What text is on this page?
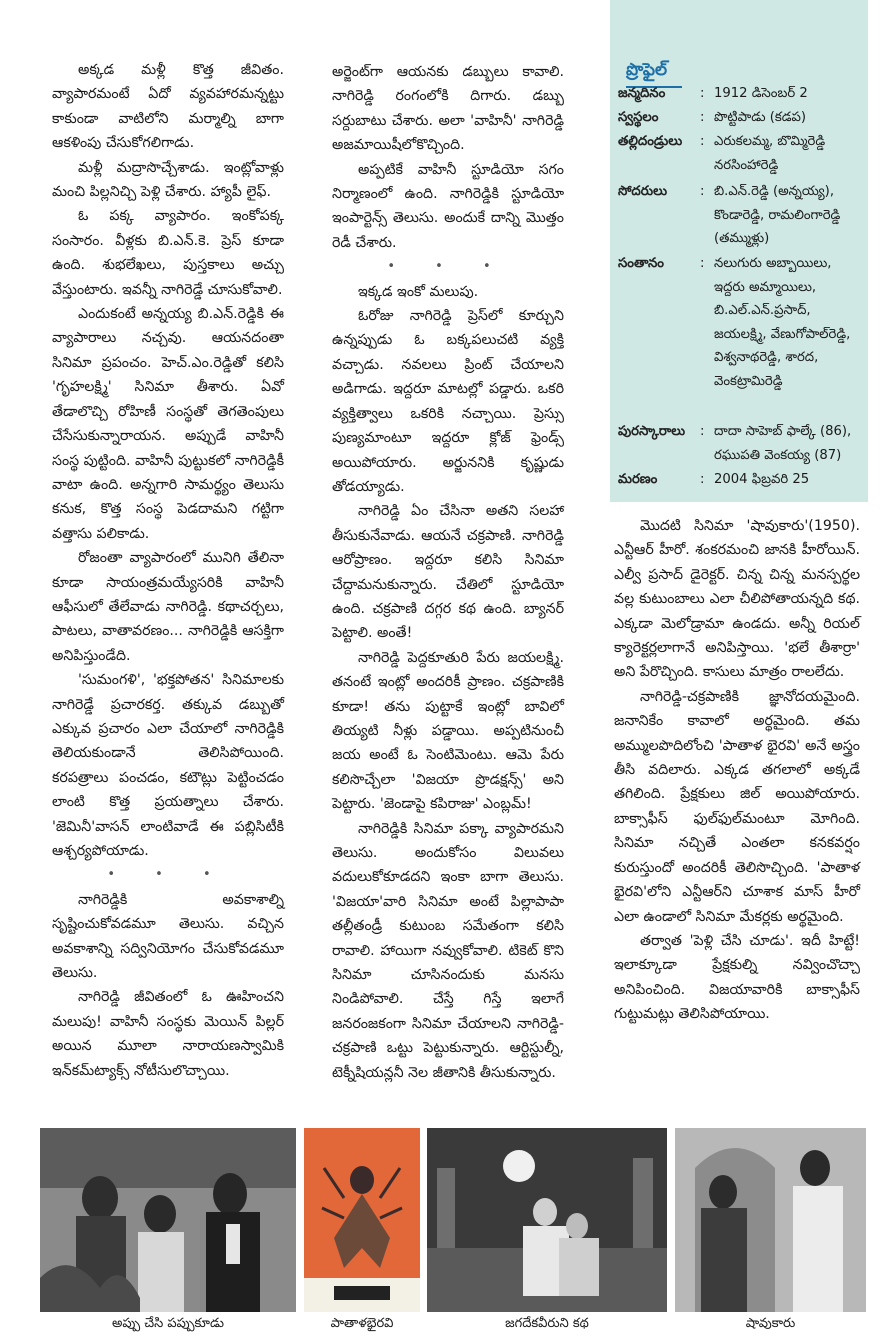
అక్కడ మళ్లీ కొత్త జీవితం. వ్యాపారమంటే ఏదో వ్యవహారమన్నట్టు కాకుండా వాటిలోని మర్మాల్ని బాగా ఆకళింపు చేసుకోగలిగాడు.

మళ్లీ మద్రాసొచ్చేశాడు. ఇంట్లోవాళ్లు మంచి పిల్లనిచ్చి పెళ్లి చేశారు. హ్యాపీ లైఫ్.

ఓ పక్క వ్యాపారం. ఇంకోపక్క సంసారం. వీళ్లకు బి.ఎన్.కె. ప్రెస్ కూడా ఉంది. శుభలేఖలు, పుస్తకాలు అచ్చు వేస్తుంటారు. ఇవన్నీ నాగిరెడ్డే చూసుకోవాలి.

ఎందుకంటే అన్నయ్య బి.ఎన్.రెడ్డికి ఈ వ్యాపారాలు నచ్చవు. ఆయనదంతా సినిమా ప్రపంచం. హెచ్.ఎం.రెడ్డితో కలిసి 'గృహలక్ష్మి' సినిమా తీశారు. ఏవో తేడాలొచ్చి రోహిణీ సంస్థతో తెగతెంపులు చేసేసుకున్నారాయన. అప్పుడే వాహినీ సంస్థ పుట్టింది. వాహినీ పుట్టుకలో నాగిరెడ్డికీ వాటా ఉంది. అన్నగారి సామర్థ్యం తెలుసు కనుక, కొత్త సంస్థ పెడదామని గట్టిగా వత్తాసు పలికాడు.

రోజంతా వ్యాపారంలో మునిగి తేలినా కూడా సాయంత్రమయ్యేసరికి వాహినీ ఆఫీసులో తేలేవాడు నాగిరెడ్డి. కథాచర్చలు, పాటలు, వాతావరణం... నాగిరెడ్డికి ఆసక్తిగా అనిపిస్తుండేది.

'సుమంగళి', 'భక్తపోతన' సినిమాలకు నాగిరెడ్డే ప్రచారకర్త. తక్కువ డబ్బుతో ఎక్కువ ప్రచారం ఎలా చేయాలో నాగిరెడ్డికి తెలియకుండానే తెలిసిపోయింది. కరపత్రాలు పంచడం, కటౌట్లు పెట్టించడం లాంటి కొత్త ప్రయత్నాలు చేశారు. 'జెమినీ'వాసన్ లాంటివాడే ఈ పబ్లిసిటీకి ఆశ్చర్యపోయాడు.

• • •

నాగిరెడ్డికి అవకాశాల్ని సృష్టించుకోవడమూ తెలుసు. వచ్చిన అవకాశాన్ని సద్వినియోగం చేసుకోవడమూ తెలుసు.

నాగిరెడ్డి జీవితంలో ఓ ఊహించని మలుపు! వాహినీ సంస్థకు మెయిన్ పిల్లర్ అయిన మూలా నారాయణస్వామికి ఇన్‌కమ్‌ట్యాక్స్ నోటీసులొచ్చాయి.

అర్జెంట్‌గా ఆయనకు డబ్బులు కావాలి. నాగిరెడ్డి రంగంలోకి దిగారు. డబ్బు సర్దుబాటు చేశారు. అలా 'వాహినీ' నాగిరెడ్డి అజమాయిషీలోకొచ్చింది.

అప్పటికే వాహినీ స్టూడియో సగం నిర్మాణంలో ఉంది. నాగిరెడ్డికి స్టూడియో ఇంపార్టెన్స్ తెలుసు. అందుకే దాన్ని మొత్తం రెడీ చేశారు.

• • •

ఇక్కడ ఇంకో మలుపు.

ఓరోజు నాగిరెడ్డి ప్రెస్‌లో కూర్చుని ఉన్నప్పుడు ఓ బక్కపలుచటి వ్యక్తి వచ్చాడు. నవలలు ప్రింట్ చేయాలని అడిగాడు. ఇద్దరూ మాటల్లో పడ్డారు. ఒకరి వ్యక్తిత్వాలు ఒకరికి నచ్చాయి. ప్రెస్సు పుణ్యమాంటూ ఇద్దరూ క్లోజ్ ఫ్రెండ్స్ అయిపోయారు. అర్జుననికి కృష్ణుడు తోడయ్యాడు.

నాగిరెడ్డి ఏం చేసినా అతని సలహా తీసుకునేవాడు. ఆయనే చక్రపాణి. నాగిరెడ్డి ఆరోప్రాణం. ఇద్దరూ కలిసి సినిమా చేద్దామనుకున్నారు. చేతిలో స్టూడియో ఉంది. చక్రపాణి దగ్గర కథ ఉంది. బ్యానర్ పెట్టాలి. అంతే!

నాగిరెడ్డి పెద్దకూతురి పేరు జయలక్ష్మి. తనంటే ఇంట్లో అందరికీ ప్రాణం. చక్రపాణికి కూడా! తను పుట్టాకే ఇంట్లో బావిలో తియ్యటి నీళ్లు పడ్డాయి. అప్పటినుంచీ జయ అంటే ఓ సెంటిమెంటు. ఆమె పేరు కలిసొచ్చేలా 'విజయా ప్రొడక్షన్స్' అని పెట్టారు. 'జెండాపై కపిరాజు' ఎంబ్లమ్!

నాగిరెడ్డికి సినిమా పక్కా వ్యాపారమని తెలుసు. అందుకోసం విలువలు వదులుకోకూడదని ఇంకా బాగా తెలుసు. 'విజయా'వారి సినిమా అంటే పిల్లాపాపా తల్లీతండ్రీ కుటుంబ సమేతంగా కలిసి రావాలి. హాయిగా నవ్వుకోవాలి. టికెట్ కొని సినిమా చూసినందుకు మనసు నిండిపోవాలి. చేస్తే గిస్తే ఇలాగే జనరంజకంగా సినిమా చేయాలని నాగిరెడ్డి-చక్రపాణి ఒట్టు పెట్టుకున్నారు. ఆర్టిస్టుల్నీ, టెక్నీషియన్లనీ నెల జీతానికి తీసుకున్నారు.

ప్రొఫైల్
జన్మదినం	: 1912 డిసెంబర్ 2
స్వస్థలం	: పొట్టిపాడు (కడప)
తల్లిదండ్రులు	: ఎరుకలమ్మ, బొమ్మిరెడ్డి నరసింహారెడ్డి
సోదరులు	: బి.ఎన్.రెడ్డి (అన్నయ్య), కొండారెడ్డి, రామలింగారెడ్డి (తమ్ముళ్లు)
సంతానం	: నలుగురు అబ్బాయిలు, ఇద్దరు అమ్మాయిలు, బి.ఎల్.ఎన్.ప్రసాద్, జయలక్ష్మి, వేణుగోపాల్‌రెడ్డి, విశ్వనాథరెడ్డి, శారద, వెంకట్రామిరెడ్డి
పురస్కారాలు	: దాదా సాహెబ్ ఫాల్కే (86), రఘుపతి వెంకయ్య (87)
మరణం	: 2004 ఫిబ్రవరి 25

మొదటి సినిమా 'షావుకారు'(1950). ఎన్టీఆర్ హీరో. శంకరమంచి జానకి హీరోయిన్. ఎల్వీ ప్రసాద్ డైరెక్టర్. చిన్న చిన్న మనస్పర్థల వల్ల కుటుంబాలు ఎలా చీలిపోతాయన్నది కథ. ఎక్కడా మెలోడ్రామా ఉండదు. అన్నీ రియల్ క్యారెక్టర్లలాగానే అనిపిస్తాయి. 'భలే తీశార్రా' అని పేరొచ్చింది. కాసులు మాత్రం రాలలేదు.

నాగిరెడ్డి-చక్రపాణికి జ్ఞానోదయమైంది. జనానికేం కావాలో అర్థమైంది. తమ అమ్ములపొదిలోంచి 'పాతాళ భైరవి' అనే అస్త్రం తీసి వదిలారు. ఎక్కడ తగలాలో అక్కడే తగిలింది. ప్రేక్షకులు జిల్ అయిపోయారు. బాక్సాఫీస్ ఫుల్‌ఫుల్‌మంటూ మోగింది. సినిమా నచ్చితే ఎంతలా కనకవర్షం కురుస్తుందో అందరికీ తెలిసొచ్చింది. 'పాతాళ భైరవి'లోని ఎన్టీఆర్‌ని చూశాక మాస్ హీరో ఎలా ఉండాలో సినిమా మేకర్లకు అర్థమైంది.

తర్వాత 'పెళ్లి చేసి చూడు'. ఇదీ హిట్టే! ఇలాక్కూడా ప్రేక్షకుల్ని నవ్వించొచ్చా అనిపించింది. విజయావారికి బాక్సాఫీస్ గుట్టుమట్లు తెలిసిపోయాయి.

అప్పు చేసి పప్పుకూడు	పాతాళభైరవి	జగదేకవీరుని కథ	షావుకారు
